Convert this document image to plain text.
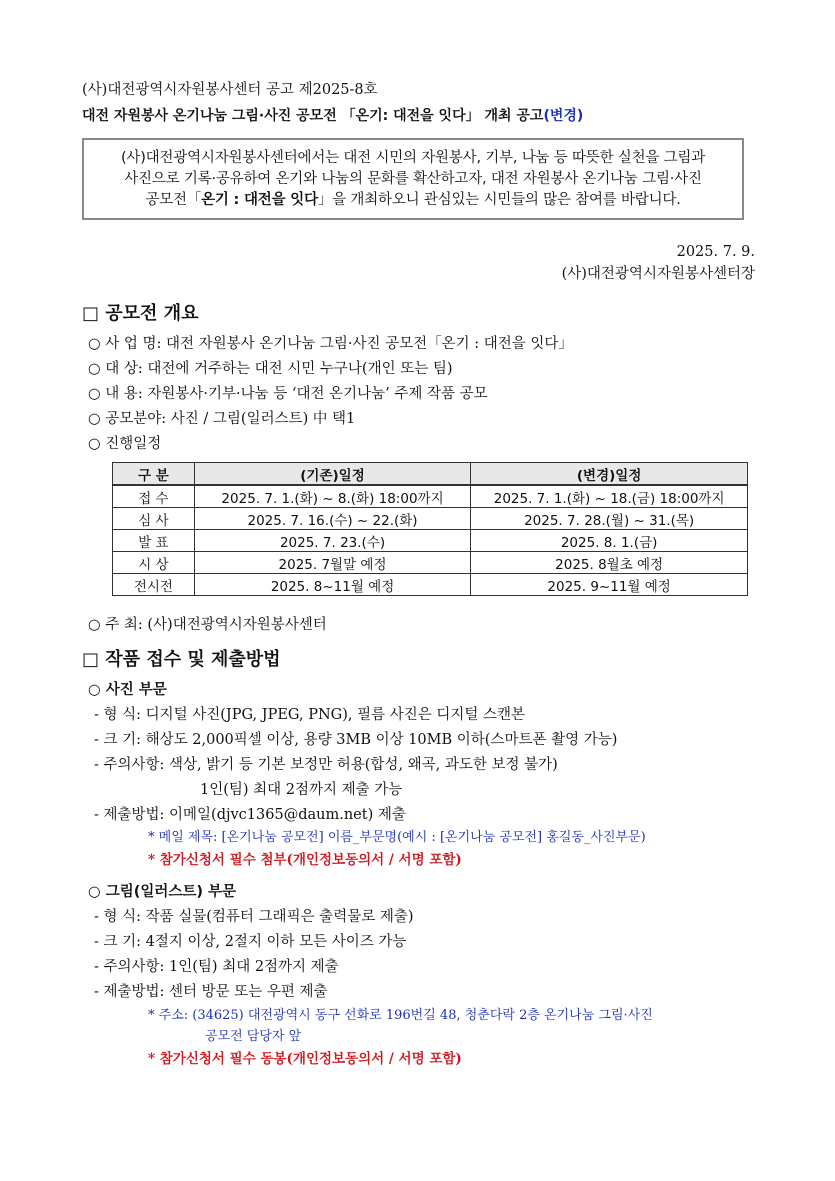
(사)대전광역시자원봉사센터 공고 제2025-8호
대전 자원봉사 온기나눔 그림·사진 공모전 「온기: 대전을 잇다」 개최 공고(변경)
(사)대전광역시자원봉사센터에서는 대전 시민의 자원봉사, 기부, 나눔 등 따뜻한 실천을 그림과
사진으로 기록·공유하여 온기와 나눔의 문화를 확산하고자, 대전 자원봉사 온기나눔 그림·사진
공모전「온기 : 대전을 잇다」을 개최하오니 관심있는 시민들의 많은 참여를 바랍니다.
2025. 7. 9.
(사)대전광역시자원봉사센터장
□ 공모전 개요
○ 사 업 명: 대전 자원봉사 온기나눔 그림·사진 공모전「온기 : 대전을 잇다」
○ 대 상: 대전에 거주하는 대전 시민 누구나(개인 또는 팀)
○ 내 용: 자원봉사·기부·나눔 등 ‘대전 온기나눔’ 주제 작품 공모
○ 공모분야: 사진 / 그림(일러스트) 中 택1
○ 진행일정
구 분	(기존)일정	(변경)일정
접 수	2025. 7. 1.(화) ~ 8.(화) 18:00까지	2025. 7. 1.(화) ~ 18.(금) 18:00까지
심 사	2025. 7. 16.(수) ~ 22.(화)	2025. 7. 28.(월) ~ 31.(목)
발 표	2025. 7. 23.(수)	2025. 8. 1.(금)
시 상	2025. 7월말 예정	2025. 8월초 예정
전시전	2025. 8~11월 예정	2025. 9~11월 예정
○ 주 최: (사)대전광역시자원봉사센터
□ 작품 접수 및 제출방법
○ 사진 부문
- 형 식: 디지털 사진(JPG, JPEG, PNG), 필름 사진은 디지털 스캔본
- 크 기: 해상도 2,000픽셀 이상, 용량 3MB 이상 10MB 이하(스마트폰 촬영 가능)
- 주의사항: 색상, 밝기 등 기본 보정만 허용(합성, 왜곡, 과도한 보정 불가)
1인(팀) 최대 2점까지 제출 가능
- 제출방법: 이메일(djvc1365@daum.net) 제출
* 메일 제목: [온기나눔 공모전] 이름_부문명(예시 : [온기나눔 공모전] 홍길동_사진부문)
* 참가신청서 필수 첨부(개인정보동의서 / 서명 포함)
○ 그림(일러스트) 부문
- 형 식: 작품 실물(컴퓨터 그래픽은 출력물로 제출)
- 크 기: 4절지 이상, 2절지 이하 모든 사이즈 가능
- 주의사항: 1인(팀) 최대 2점까지 제출
- 제출방법: 센터 방문 또는 우편 제출
* 주소: (34625) 대전광역시 동구 선화로 196번길 48, 청춘다락 2층 온기나눔 그림·사진
공모전 담당자 앞
* 참가신청서 필수 동봉(개인정보동의서 / 서명 포함)
